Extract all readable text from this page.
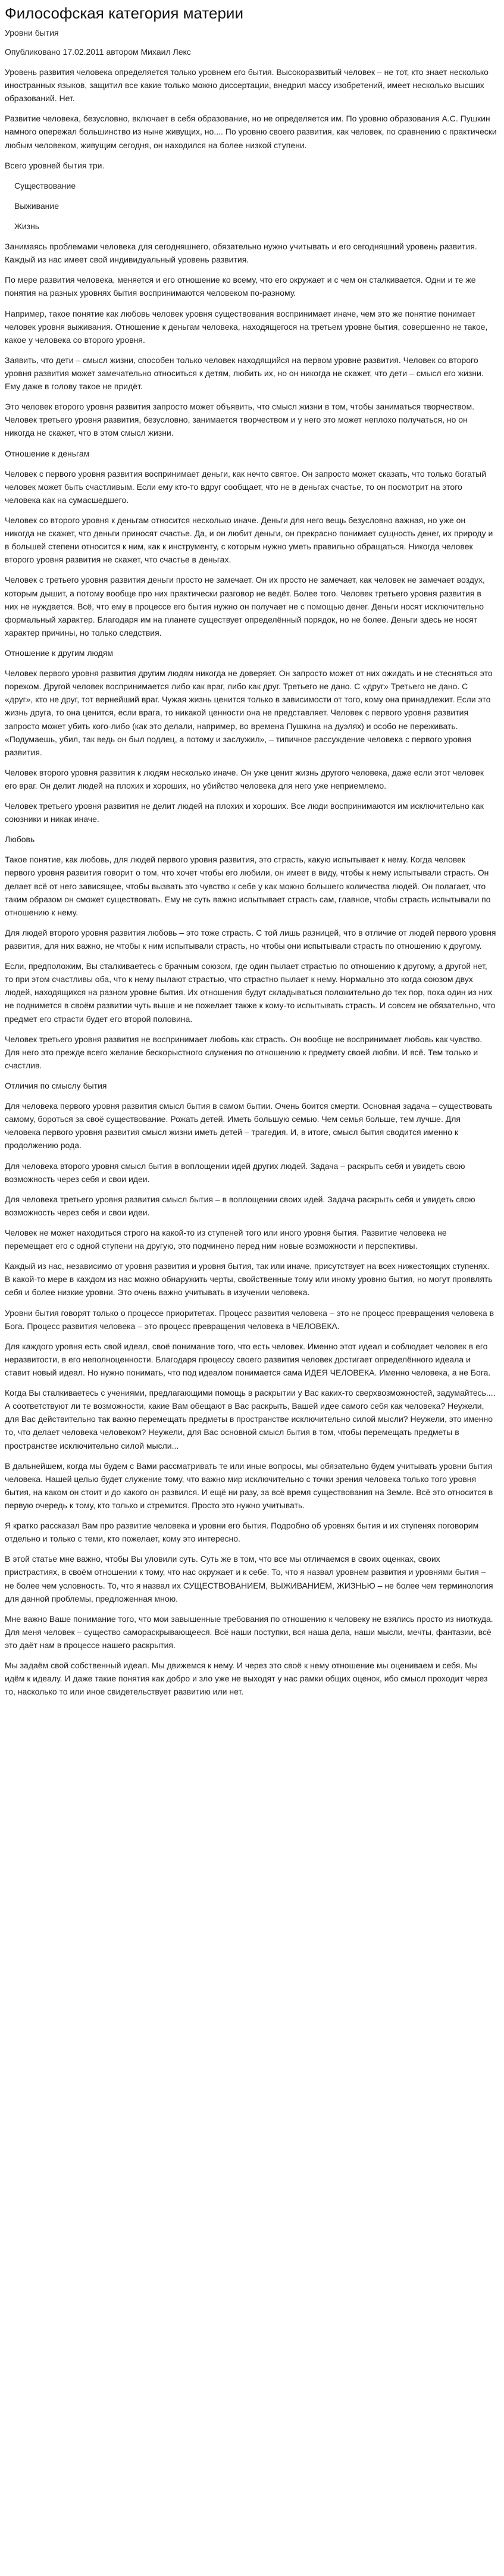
Философская категория материи

Уровни бытия

Опубликовано 17.02.2011 автором Михаил Лекс

Уровень развития человека определяется только уровнем его бытия. Высокоразвитый человек – не тот, кто знает несколько иностранных языков, защитил все какие только можно диссертации, внедрил массу изобретений, имеет несколько высших образований. Нет.

Развитие человека, безусловно, включает в себя образование, но не определяется им. По уровню образования А.С. Пушкин намного опережал большинство из ныне живущих, но.... По уровню своего развития, как человек, по сравнению с практически любым человеком, живущим сегодня, он находился на более низкой ступени.

Всего уровней бытия три.

Существование
Выживание
Жизнь

Занимаясь проблемами человека для сегодняшнего, обязательно нужно учитывать и его сегодняшний уровень развития. Каждый из нас имеет свой индивидуальный уровень развития.

По мере развития человека, меняется и его отношение ко всему, что его окружает и с чем он сталкивается. Одни и те же понятия на разных уровнях бытия воспринимаются человеком по-разному.

Например, такое понятие как любовь человек уровня существования воспринимает иначе, чем это же понятие понимает человек уровня выживания. Отношение к деньгам человека, находящегося на третьем уровне бытия, совершенно не такое, какое у человека со второго уровня.

Заявить, что дети – смысл жизни, способен только человек находящийся на первом уровне развития. Человек со второго уровня развития может замечательно относиться к детям, любить их, но он никогда не скажет, что дети – смысл его жизни. Ему даже в голову такое не придёт.

Это человек второго уровня развития запросто может объявить, что смысл жизни в том, чтобы заниматься творчеством. Человек третьего уровня развития, безусловно, занимается творчеством и у него это может неплохо получаться, но он никогда не скажет, что в этом смысл жизни.

Отношение к деньгам

Человек с первого уровня развития воспринимает деньги, как нечто святое. Он запросто может сказать, что только богатый человек может быть счастливым. Если ему кто-то вдруг сообщает, что не в деньгах счастье, то он посмотрит на этого человека как на сумасшедшего.

Человек со второго уровня к деньгам относится несколько иначе. Деньги для него вещь безусловно важная, но уже он никогда не скажет, что деньги приносят счастье. Да, и он любит деньги, он прекрасно понимает сущность денег, их природу и в большей степени относится к ним, как к инструменту, с которым нужно уметь правильно обращаться. Никогда человек второго уровня развития не скажет, что счастье в деньгах.

Человек с третьего уровня развития деньги просто не замечает. Он их просто не замечает, как человек не замечает воздух, которым дышит, а потому вообще про них практически разговор не ведёт. Более того. Человек третьего уровня развития в них не нуждается. Всё, что ему в процессе его бытия нужно он получает не с помощью денег. Деньги носят исключительно формальный характер. Благодаря им на планете существует определённый порядок, но не более. Деньги здесь не носят характер причины, но только следствия.

Отношение к другим людям

Человек первого уровня развития другим людям никогда не доверяет. Он запросто может от них ожидать и не стесняться это порежом. Другой человек воспринимается либо как враг, либо как друг. Третьего не дано. С «друг» Третьего не дано. С «друг», кто не друг, тот вернейший враг. Чужая жизнь ценится только в зависимости от того, кому она принадлежит. Если это жизнь друга, то она ценится, если врага, то никакой ценности она не представляет. Человек с первого уровня развития запросто может убить кого-либо (как это делали, например, во времена Пушкина на дуэлях) и особо не переживать. «Подумаешь, убил, так ведь он был подлец, а потому и заслужил», – типичное рассуждение человека с первого уровня развития.

Человек второго уровня развития к людям несколько иначе. Он уже ценит жизнь другого человека, даже если этот человек его враг. Он делит людей на плохих и хороших, но убийство человека для него уже неприемлемо.

Человек третьего уровня развития не делит людей на плохих и хороших. Все люди воспринимаются им исключительно как союзники и никак иначе.

Любовь

Такое понятие, как любовь, для людей первого уровня развития, это страсть, какую испытывает к нему. Когда человек первого уровня развития говорит о том, что хочет чтобы его любили, он имеет в виду, чтобы к нему испытывали страсть. Он делает всё от него зависящее, чтобы вызвать это чувство к себе у как можно большего количества людей. Он полагает, что таким образом он сможет существовать. Ему не суть важно испытывает страсть сам, главное, чтобы страсть испытывали по отношению к нему.

Для людей второго уровня развития любовь – это тоже страсть. С той лишь разницей, что в отличие от людей первого уровня развития, для них важно, не чтобы к ним испытывали страсть, но чтобы они испытывали страсть по отношению к другому.

Если, предположим, Вы сталкиваетесь с брачным союзом, где один пылает страстью по отношению к другому, а другой нет, то при этом счастливы оба, что к нему пылают страстью, что страстно пылает к нему. Нормально это когда союзом двух людей, находящихся на разном уровне бытия. Их отношения будут складываться положительно до тех пор, пока один из них не поднимется в своём развитии чуть выше и не пожелает также к кому-то испытывать страсть. И совсем не обязательно, что предмет его страсти будет его второй половина.

Человек третьего уровня развития не воспринимает любовь как страсть. Он вообще не воспринимает любовь как чувство. Для него это прежде всего желание бескорыстного служения по отношению к предмету своей любви. И всё. Тем только и счастлив.

Отличия по смыслу бытия

Для человека первого уровня развития смысл бытия в самом бытии. Очень боится смерти. Основная задача – существовать самому, бороться за своё существование. Рожать детей. Иметь большую семью. Чем семья больше, тем лучше. Для человека первого уровня развития смысл жизни иметь детей – трагедия. И, в итоге, смысл бытия сводится именно к продолжению рода.

Для человека второго уровня смысл бытия в воплощении идей других людей. Задача – раскрыть себя и увидеть свою возможность через себя и свои идеи.

Для человека третьего уровня развития смысл бытия – в воплощении своих идей. Задача раскрыть себя и увидеть свою возможность через себя и свои идеи.

Человек не может находиться строго на какой-то из ступеней того или иного уровня бытия. Развитие человека не перемещает его с одной ступени на другую, это подчинено перед ним новые возможности и перспективы.

Каждый из нас, независимо от уровня развития и уровня бытия, так или иначе, присутствует на всех нижестоящих ступенях. В какой-то мере в каждом из нас можно обнаружить черты, свойственные тому или иному уровню бытия, но могут проявлять себя и более низкие уровни. Это очень важно учитывать в изучении человека.

Уровни бытия говорят только о процессе приоритетах. Процесс развития человека – это не процесс превращения человека в Бога. Процесс развития человека – это процесс превращения человека в ЧЕЛОВЕКА.

Для каждого уровня есть свой идеал, своё понимание того, что есть человек. Именно этот идеал и соблюдает человек в его неразвитости, в его неполноценности. Благодаря процессу своего развития человек достигает определённого идеала и ставит новый идеал. Но нужно понимать, что под идеалом понимается сама ИДЕЯ ЧЕЛОВЕКА. Именно человека, а не Бога.

Когда Вы сталкиваетесь с учениями, предлагающими помощь в раскрытии у Вас каких-то сверхвозможностей, задумайтесь.... А соответствуют ли те возможности, какие Вам обещают в Вас раскрыть, Вашей идее самого себя как человека? Неужели, для Вас действительно так важно перемещать предметы в пространстве исключительно силой мысли? Неужели, это именно то, что делает человека человеком? Неужели, для Вас основной смысл бытия в том, чтобы перемещать предметы в пространстве исключительно силой мысли...

В дальнейшем, когда мы будем с Вами рассматривать те или иные вопросы, мы обязательно будем учитывать уровни бытия человека. Нашей целью будет служение тому, что важно мир исключительно с точки зрения человека только того уровня бытия, на каком он стоит и до какого он развился. И ещё ни разу, за всё время существования на Земле. Всё это относится в первую очередь к тому, кто только и стремится. Просто это нужно учитывать.

Я кратко рассказал Вам про развитие человека и уровни его бытия. Подробно об уровнях бытия и их ступенях поговорим отдельно и только с теми, кто пожелает, кому это интересно.

В этой статье мне важно, чтобы Вы уловили суть. Суть же в том, что все мы отличаемся в своих оценках, своих пристрастиях, в своём отношении к тому, что нас окружает и к себе. То, что я назвал уровнем развития и уровнями бытия – не более чем условность. То, что я назвал их СУЩЕСТВОВАНИЕМ, ВЫЖИВАНИЕМ, ЖИЗНЬЮ – не более чем терминология для данной проблемы, предложенная мною.

Мне важно Ваше понимание того, что мои завышенные требования по отношению к человеку не взялись просто из ниоткуда. Для меня человек – существо самораскрывающееся. Всё наши поступки, вся наша дела, наши мысли, мечты, фантазии, всё это даёт нам в процессе нашего раскрытия.

Мы задаём свой собственный идеал. Мы движемся к нему. И через это своё к нему отношение мы оцениваем и себя. Мы идём к идеалу. И даже такие понятия как добро и зло уже не выходят у нас рамки общих оценок, ибо смысл проходит через то, насколько то или иное свидетельствует развитию или нет.
